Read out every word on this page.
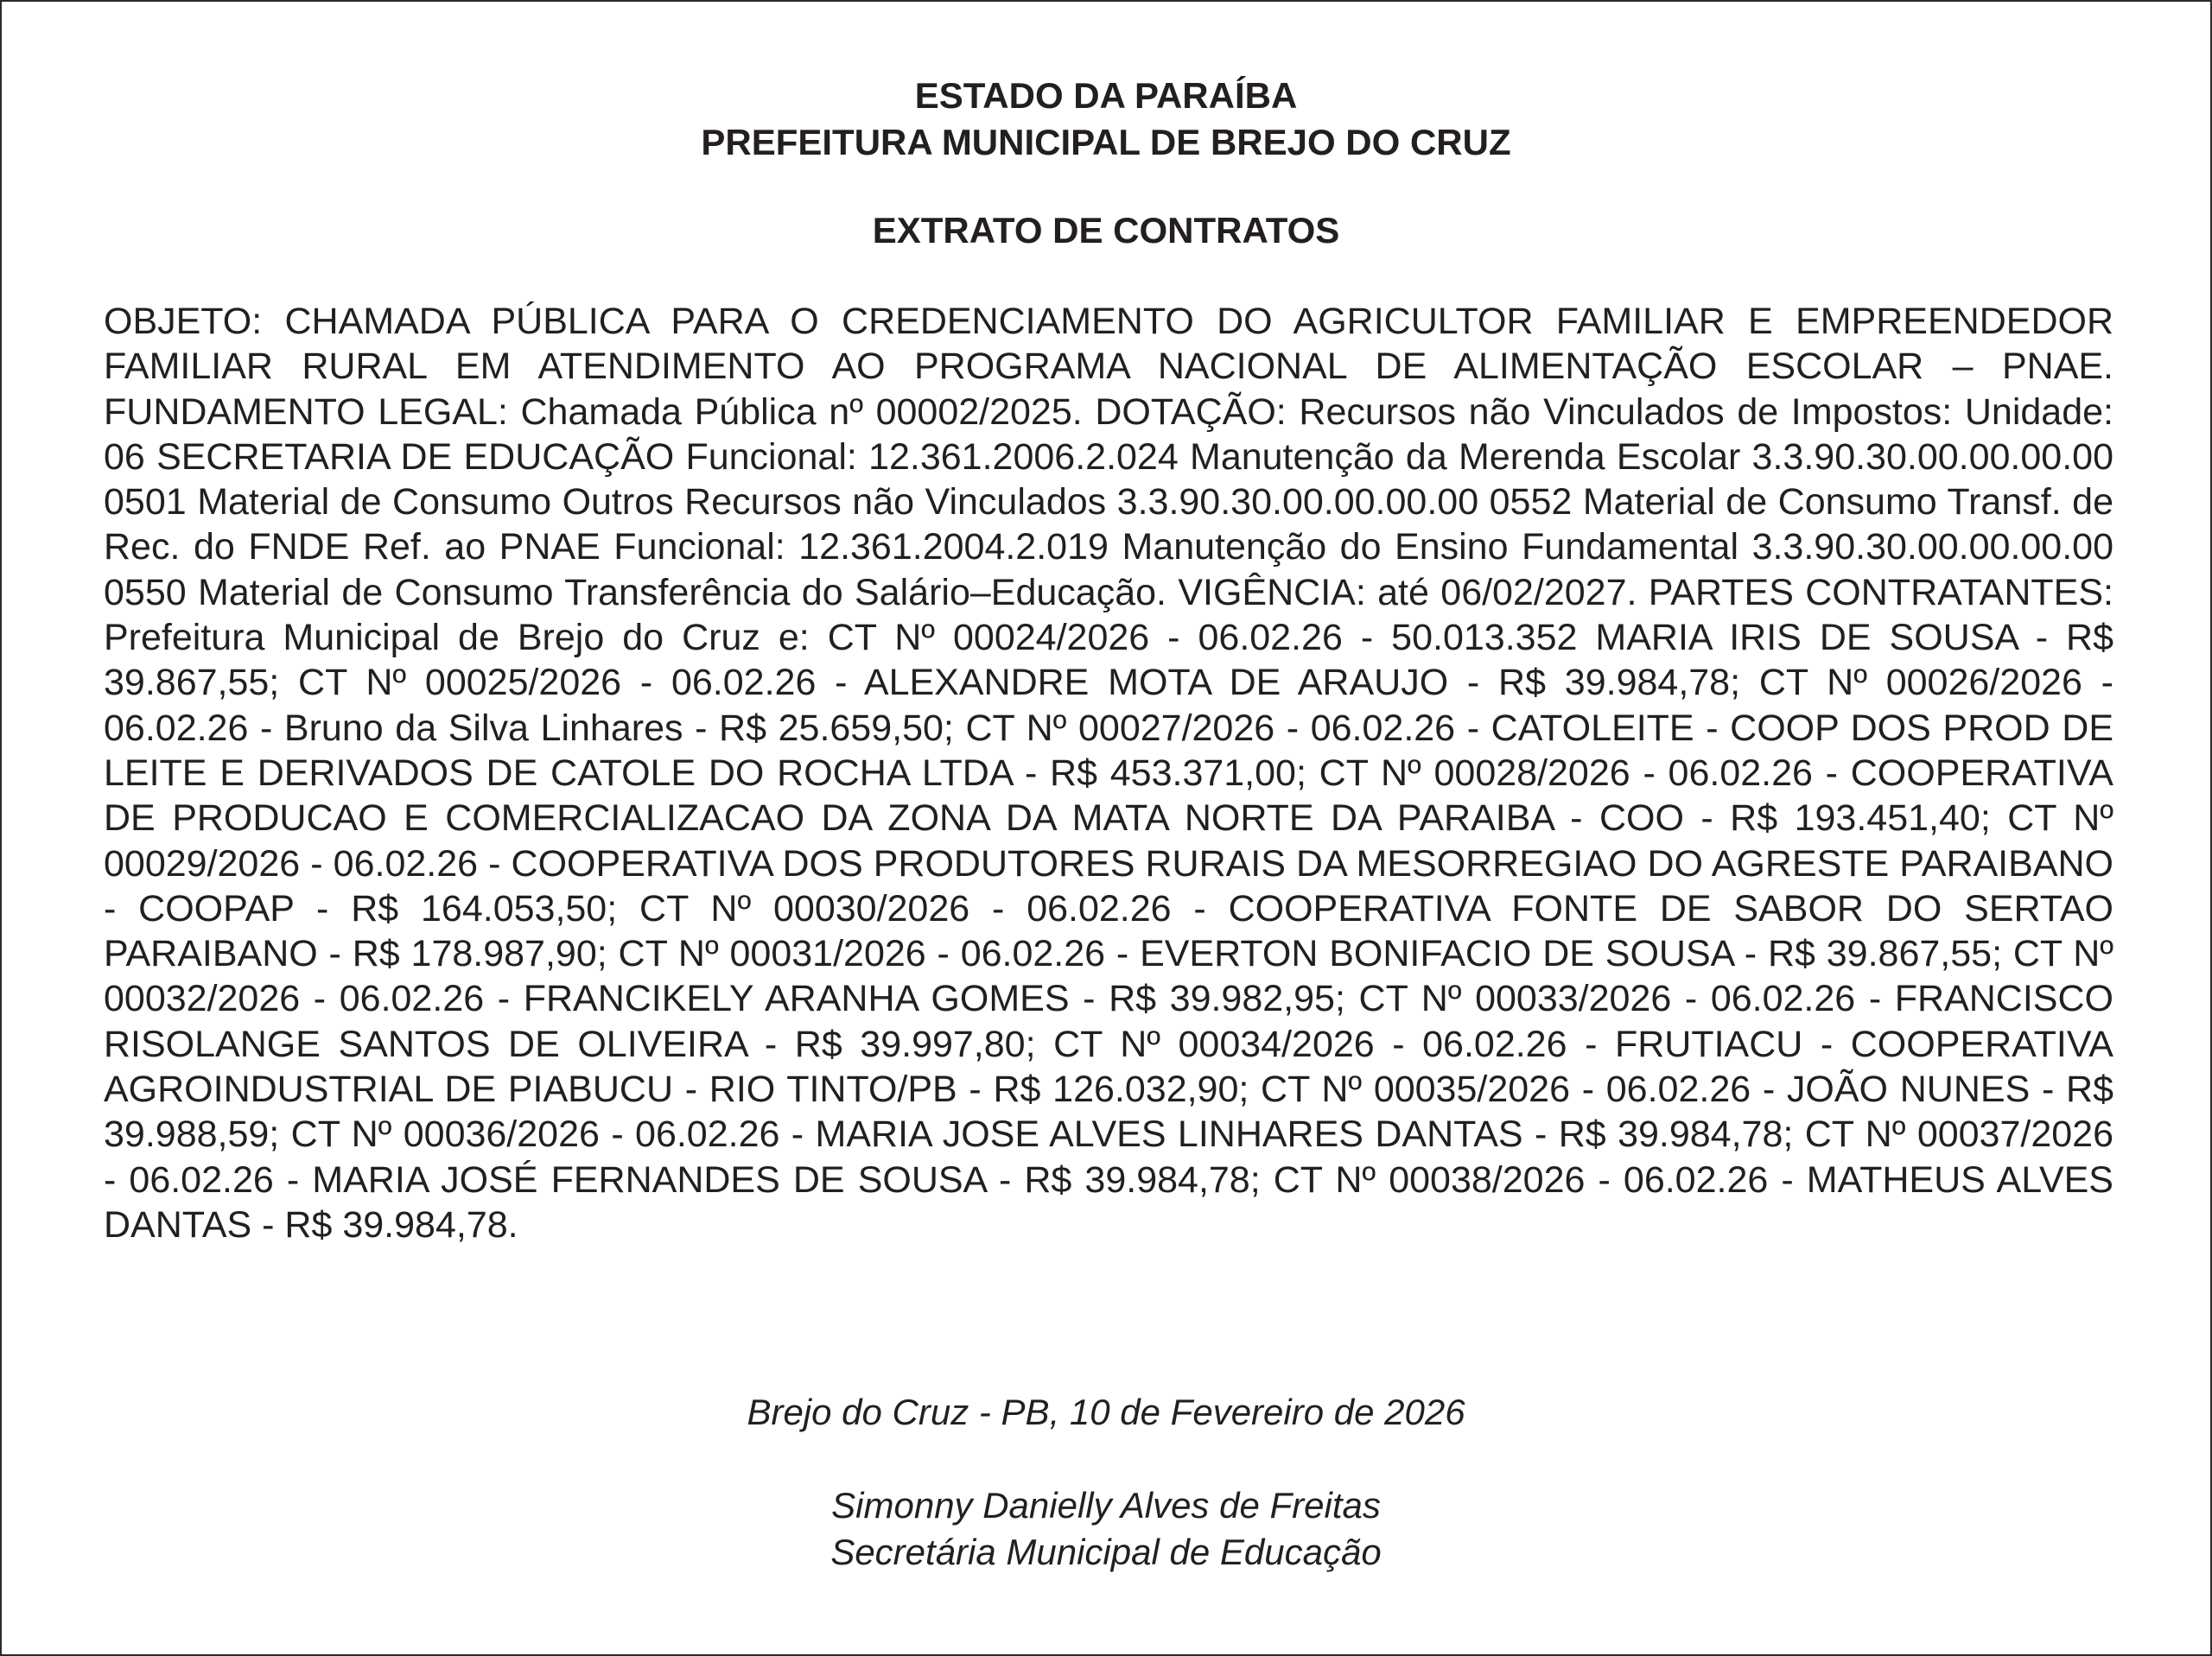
ESTADO DA PARAÍBA
PREFEITURA MUNICIPAL DE BREJO DO CRUZ
EXTRATO DE CONTRATOS
OBJETO: CHAMADA PÚBLICA PARA O CREDENCIAMENTO DO AGRICULTOR FAMILIAR E EMPREENDEDOR FAMILIAR RURAL EM ATENDIMENTO AO PROGRAMA NACIONAL DE ALIMENTAÇÃO ESCOLAR – PNAE. FUNDAMENTO LEGAL: Chamada Pública nº 00002/2025. DOTAÇÃO: Recursos não Vinculados de Impostos: Unidade: 06 SECRETARIA DE EDUCAÇÃO Funcional: 12.361.2006.2.024 Manutenção da Merenda Escolar 3.3.90.30.00.00.00.00 0501 Material de Consumo Outros Recursos não Vinculados 3.3.90.30.00.00.00.00 0552 Material de Consumo Transf. de Rec. do FNDE Ref. ao PNAE Funcional: 12.361.2004.2.019 Manutenção do Ensino Fundamental 3.3.90.30.00.00.00.00 0550 Material de Consumo Transferência do Salário–Educação. VIGÊNCIA: até 06/02/2027. PARTES CONTRATANTES: Prefeitura Municipal de Brejo do Cruz e: CT Nº 00024/2026 - 06.02.26 - 50.013.352 MARIA IRIS DE SOUSA - R$ 39.867,55; CT Nº 00025/2026 - 06.02.26 - ALEXANDRE MOTA DE ARAUJO - R$ 39.984,78; CT Nº 00026/2026 - 06.02.26 - Bruno da Silva Linhares - R$ 25.659,50; CT Nº 00027/2026 - 06.02.26 - CATOLEITE - COOP DOS PROD DE LEITE E DERIVADOS DE CATOLE DO ROCHA LTDA - R$ 453.371,00; CT Nº 00028/2026 - 06.02.26 - COOPERATIVA DE PRODUCAO E COMERCIALIZACAO DA ZONA DA MATA NORTE DA PARAIBA - COO - R$ 193.451,40; CT Nº 00029/2026 - 06.02.26 - COOPERATIVA DOS PRODUTORES RURAIS DA MESORREGIAO DO AGRESTE PARAIBANO - COOPAP - R$ 164.053,50; CT Nº 00030/2026 - 06.02.26 - COOPERATIVA FONTE DE SABOR DO SERTAO PARAIBANO - R$ 178.987,90; CT Nº 00031/2026 - 06.02.26 - EVERTON BONIFACIO DE SOUSA - R$ 39.867,55; CT Nº 00032/2026 - 06.02.26 - FRANCIKELY ARANHA GOMES - R$ 39.982,95; CT Nº 00033/2026 - 06.02.26 - FRANCISCO RISOLANGE SANTOS DE OLIVEIRA - R$ 39.997,80; CT Nº 00034/2026 - 06.02.26 - FRUTIACU - COOPERATIVA AGROINDUSTRIAL DE PIABUCU - RIO TINTO/PB - R$ 126.032,90; CT Nº 00035/2026 - 06.02.26 - JOÃO NUNES - R$ 39.988,59; CT Nº 00036/2026 - 06.02.26 - MARIA JOSE ALVES LINHARES DANTAS - R$ 39.984,78; CT Nº 00037/2026 - 06.02.26 - MARIA JOSÉ FERNANDES DE SOUSA - R$ 39.984,78; CT Nº 00038/2026 - 06.02.26 - MATHEUS ALVES DANTAS - R$ 39.984,78.
Brejo do Cruz - PB, 10 de Fevereiro de 2026
Simonny Danielly Alves de Freitas
Secretária Municipal de Educação
